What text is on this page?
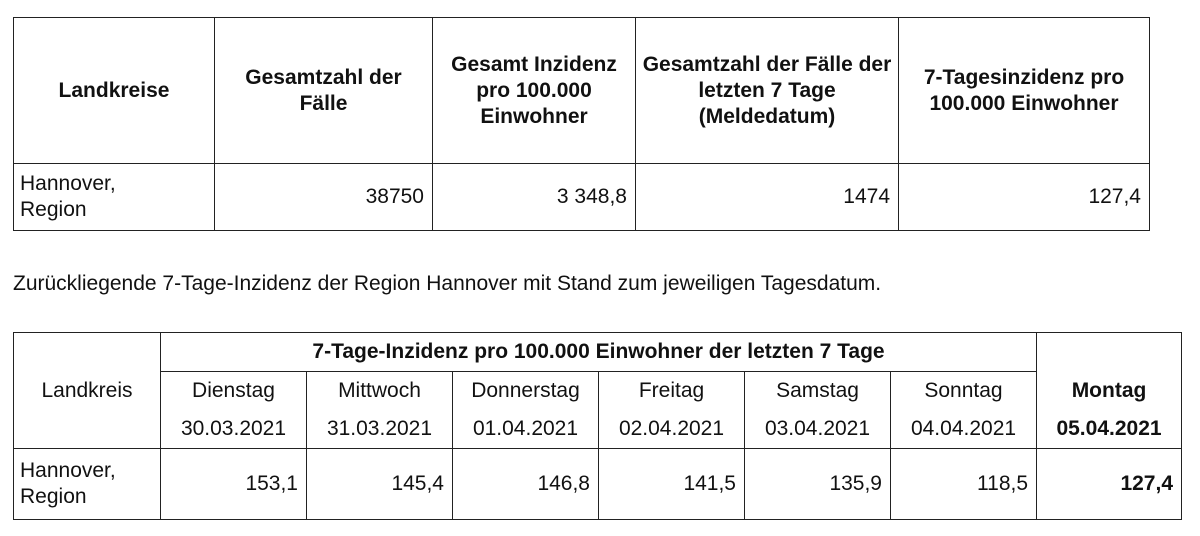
Landkreise	Gesamtzahl der Fälle	Gesamt Inzidenz pro 100.000 Einwohner	Gesamtzahl der Fälle der letzten 7 Tage (Meldedatum)	7-Tagesinzidenz pro 100.000 Einwohner

Hannover,
Region	38750	3 348,8	1474	127,4

Zurückliegende 7-Tage-Inzidenz der Region Hannover mit Stand zum jeweiligen Tagesdatum.

	7-Tage-Inzidenz pro 100.000 Einwohner der letzten 7 Tage						
Landkreis	Dienstag	Mittwoch	Donnerstag	Freitag	Samstag	Sonntag	Montag
	30.03.2021	31.03.2021	01.04.2021	02.04.2021	03.04.2021	04.04.2021	05.04.2021

Hannover,
Region	153,1	145,4	146,8	141,5	135,9	118,5	127,4
